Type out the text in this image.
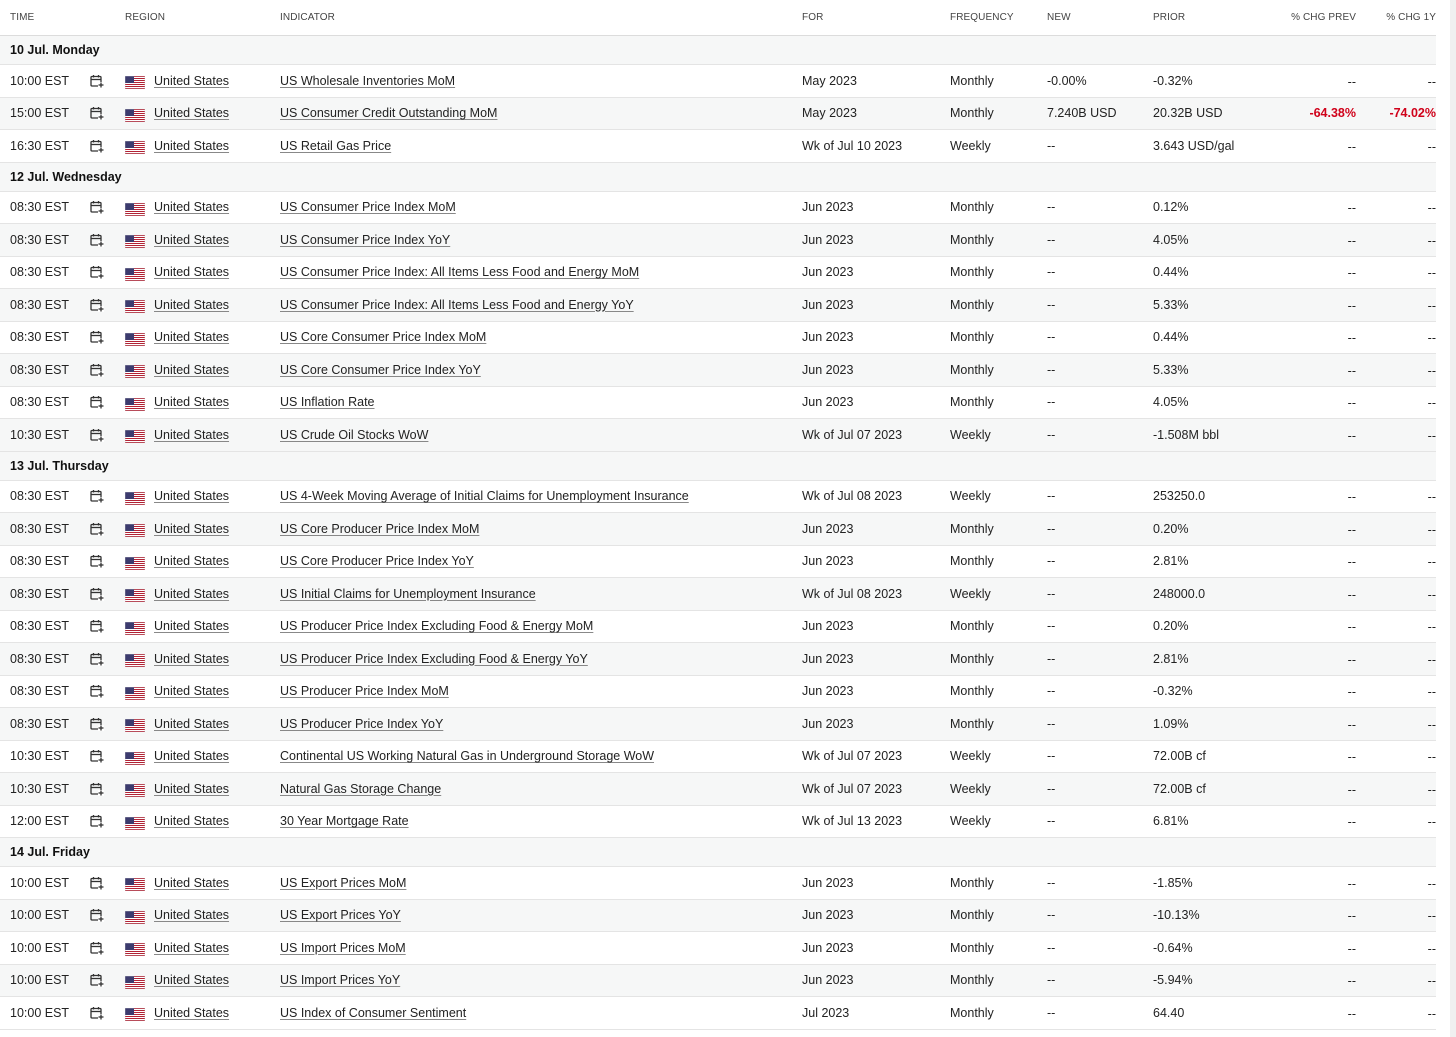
TIME	REGION	INDICATOR	FOR	FREQUENCY	NEW	PRIOR	% CHG PREV	% CHG 1Y
10 Jul. Monday
10:00 EST	United States	US Wholesale Inventories MoM	May 2023	Monthly	-0.00%	-0.32%	--	--
15:00 EST	United States	US Consumer Credit Outstanding MoM	May 2023	Monthly	7.240B USD	20.32B USD	-64.38%	-74.02%
16:30 EST	United States	US Retail Gas Price	Wk of Jul 10 2023	Weekly	--	3.643 USD/gal	--	--
12 Jul. Wednesday
08:30 EST	United States	US Consumer Price Index MoM	Jun 2023	Monthly	--	0.12%	--	--
08:30 EST	United States	US Consumer Price Index YoY	Jun 2023	Monthly	--	4.05%	--	--
08:30 EST	United States	US Consumer Price Index: All Items Less Food and Energy MoM	Jun 2023	Monthly	--	0.44%	--	--
08:30 EST	United States	US Consumer Price Index: All Items Less Food and Energy YoY	Jun 2023	Monthly	--	5.33%	--	--
08:30 EST	United States	US Core Consumer Price Index MoM	Jun 2023	Monthly	--	0.44%	--	--
08:30 EST	United States	US Core Consumer Price Index YoY	Jun 2023	Monthly	--	5.33%	--	--
08:30 EST	United States	US Inflation Rate	Jun 2023	Monthly	--	4.05%	--	--
10:30 EST	United States	US Crude Oil Stocks WoW	Wk of Jul 07 2023	Weekly	--	-1.508M bbl	--	--
13 Jul. Thursday
08:30 EST	United States	US 4-Week Moving Average of Initial Claims for Unemployment Insurance	Wk of Jul 08 2023	Weekly	--	253250.0	--	--
08:30 EST	United States	US Core Producer Price Index MoM	Jun 2023	Monthly	--	0.20%	--	--
08:30 EST	United States	US Core Producer Price Index YoY	Jun 2023	Monthly	--	2.81%	--	--
08:30 EST	United States	US Initial Claims for Unemployment Insurance	Wk of Jul 08 2023	Weekly	--	248000.0	--	--
08:30 EST	United States	US Producer Price Index Excluding Food & Energy MoM	Jun 2023	Monthly	--	0.20%	--	--
08:30 EST	United States	US Producer Price Index Excluding Food & Energy YoY	Jun 2023	Monthly	--	2.81%	--	--
08:30 EST	United States	US Producer Price Index MoM	Jun 2023	Monthly	--	-0.32%	--	--
08:30 EST	United States	US Producer Price Index YoY	Jun 2023	Monthly	--	1.09%	--	--
10:30 EST	United States	Continental US Working Natural Gas in Underground Storage WoW	Wk of Jul 07 2023	Weekly	--	72.00B cf	--	--
10:30 EST	United States	Natural Gas Storage Change	Wk of Jul 07 2023	Weekly	--	72.00B cf	--	--
12:00 EST	United States	30 Year Mortgage Rate	Wk of Jul 13 2023	Weekly	--	6.81%	--	--
14 Jul. Friday
10:00 EST	United States	US Export Prices MoM	Jun 2023	Monthly	--	-1.85%	--	--
10:00 EST	United States	US Export Prices YoY	Jun 2023	Monthly	--	-10.13%	--	--
10:00 EST	United States	US Import Prices MoM	Jun 2023	Monthly	--	-0.64%	--	--
10:00 EST	United States	US Import Prices YoY	Jun 2023	Monthly	--	-5.94%	--	--
10:00 EST	United States	US Index of Consumer Sentiment	Jul 2023	Monthly	--	64.40	--	--
